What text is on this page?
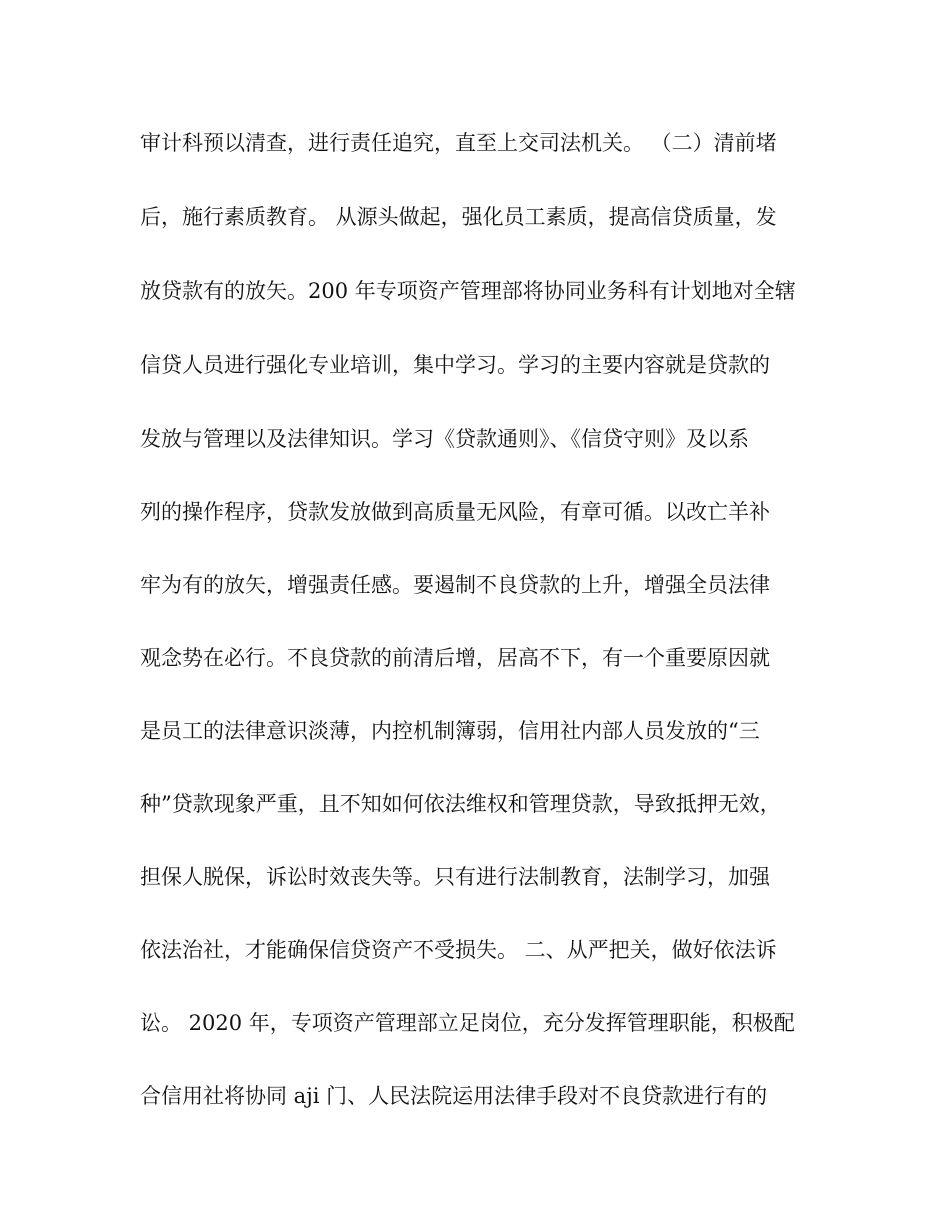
审计科预以清查，进行责任追究，直至上交司法机关。 （二）清前堵
后，施行素质教育。 从源头做起，强化员工素质，提高信贷质量，发
放贷款有的放矢。200 年专项资产管理部将协同业务科有计划地对全辖
信贷人员进行强化专业培训，集中学习。学习的主要内容就是贷款的
发放与管理以及法律知识。学习《贷款通则》、《信贷守则》及以系
列的操作程序，贷款发放做到高质量无风险，有章可循。以改亡羊补
牢为有的放矢，增强责任感。要遏制不良贷款的上升，增强全员法律
观念势在必行。不良贷款的前清后增，居高不下，有一个重要原因就
是员工的法律意识淡薄，内控机制簿弱，信用社内部人员发放的“三
种”贷款现象严重，且不知如何依法维权和管理贷款，导致抵押无效，
担保人脱保，诉讼时效丧失等。只有进行法制教育，法制学习，加强
依法治社，才能确保信贷资产不受损失。 二、从严把关，做好依法诉
讼。 2020 年，专项资产管理部立足岗位，充分发挥管理职能，积极配
合信用社将协同 aji 门、人民法院运用法律手段对不良贷款进行有的
